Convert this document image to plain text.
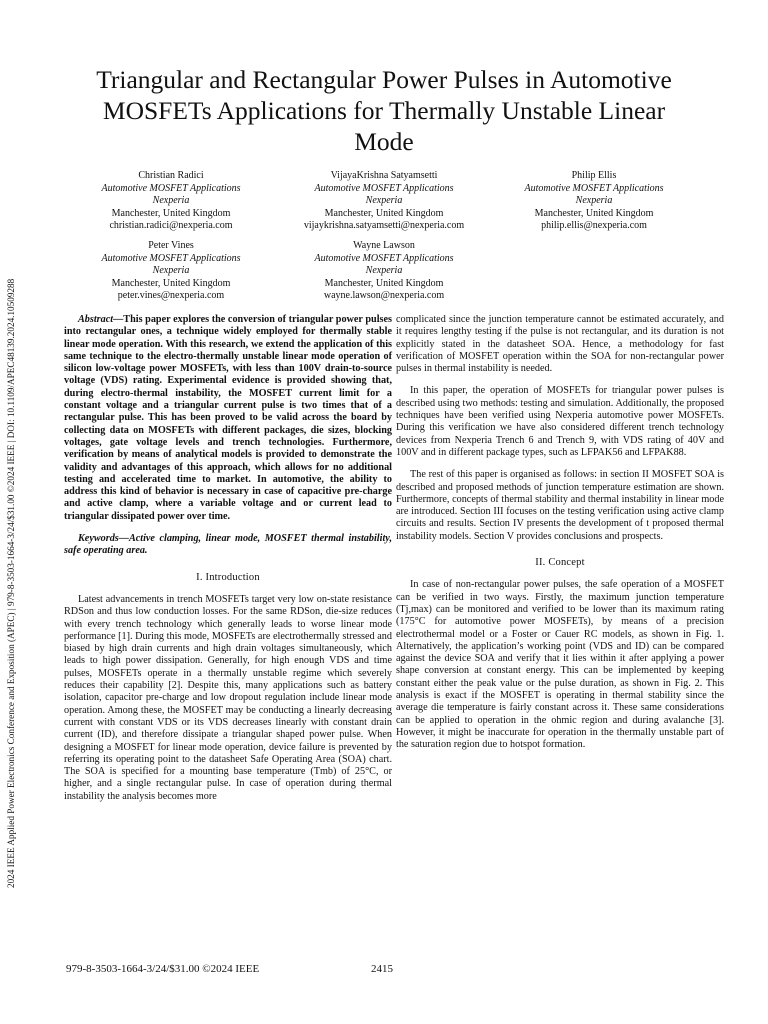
2024 IEEE Applied Power Electronics Conference and Exposition (APEC) | 979-8-3503-1664-3/24/$31.00 ©2024 IEEE | DOI: 10.1109/APEC48139.2024.10509288
Triangular and Rectangular Power Pulses in Automotive MOSFETs Applications for Thermally Unstable Linear Mode
Christian Radici
Automotive MOSFET Applications
Nexperia
Manchester, United Kingdom
christian.radici@nexperia.com
VijayaKrishna Satyamsetti
Automotive MOSFET Applications
Nexperia
Manchester, United Kingdom
vijaykrishna.satyamsetti@nexperia.com
Philip Ellis
Automotive MOSFET Applications
Nexperia
Manchester, United Kingdom
philip.ellis@nexperia.com
Peter Vines
Automotive MOSFET Applications
Nexperia
Manchester, United Kingdom
peter.vines@nexperia.com
Wayne Lawson
Automotive MOSFET Applications
Nexperia
Manchester, United Kingdom
wayne.lawson@nexperia.com

Abstract—This paper explores the conversion of triangular power pulses into rectangular ones, a technique widely employed for thermally stable linear mode operation. With this research, we extend the application of this same technique to the electro-thermally unstable linear mode operation of silicon low-voltage power MOSFETs, with less than 100V drain-to-source voltage (VDS) rating. Experimental evidence is provided showing that, during electro-thermal instability, the MOSFET current limit for a constant voltage and a triangular current pulse is two times that of a rectangular pulse. This has been proved to be valid across the board by collecting data on MOSFETs with different packages, die sizes, blocking voltages, gate voltage levels and trench technologies. Furthermore, verification by means of analytical models is provided to demonstrate the validity and advantages of this approach, which allows for no additional testing and accelerated time to market. In automotive, the ability to address this kind of behavior is necessary in case of capacitive pre-charge and active clamp, where a variable voltage and or current lead to triangular dissipated power over time.

Keywords—Active clamping, linear mode, MOSFET thermal instability, safe operating area.

I. Introduction

Latest advancements in trench MOSFETs target very low on-state resistance RDSon and thus low conduction losses. For the same RDSon, die-size reduces with every trench technology which generally leads to worse linear mode performance [1]. During this mode, MOSFETs are electrothermally stressed and biased by high drain currents and high drain voltages simultaneously, which leads to high power dissipation. Generally, for high enough VDS and time pulses, MOSFETs operate in a thermally unstable regime which severely reduces their capability [2]. Despite this, many applications such as battery isolation, capacitor pre-charge and low dropout regulation include linear mode operation. Among these, the MOSFET may be conducting a linearly decreasing current with constant VDS or its VDS decreases linearly with constant drain current (ID), and therefore dissipate a triangular shaped power pulse. When designing a MOSFET for linear mode operation, device failure is prevented by referring its operating point to the datasheet Safe Operating Area (SOA) chart. The SOA is specified for a mounting base temperature (Tmb) of 25°C, or higher, and a single rectangular pulse. In case of operation during thermal instability the analysis becomes more

complicated since the junction temperature cannot be estimated accurately, and it requires lengthy testing if the pulse is not rectangular, and its duration is not explicitly stated in the datasheet SOA. Hence, a methodology for fast verification of MOSFET operation within the SOA for non-rectangular power pulses in thermal instability is needed.

In this paper, the operation of MOSFETs for triangular power pulses is described using two methods: testing and simulation. Additionally, the proposed techniques have been verified using Nexperia automotive power MOSFETs. During this verification we have also considered different trench technology devices from Nexperia Trench 6 and Trench 9, with VDS rating of 40V and 100V and in different package types, such as LFPAK56 and LFPAK88.

The rest of this paper is organised as follows: in section II MOSFET SOA is described and proposed methods of junction temperature estimation are shown. Furthermore, concepts of thermal stability and thermal instability in linear mode are introduced. Section III focuses on the testing verification using active clamp circuits and results. Section IV presents the development of t proposed thermal instability models. Section V provides conclusions and prospects.

II. Concept

In case of non-rectangular power pulses, the safe operation of a MOSFET can be verified in two ways. Firstly, the maximum junction temperature (Tj,max) can be monitored and verified to be lower than its maximum rating (175°C for automotive power MOSFETs), by means of a precision electrothermal model or a Foster or Cauer RC models, as shown in Fig. 1. Alternatively, the application’s working point (VDS and ID) can be compared against the device SOA and verify that it lies within it after applying a power shape conversion at constant energy. This can be implemented by keeping constant either the peak value or the pulse duration, as shown in Fig. 2. This analysis is exact if the MOSFET is operating in thermal stability since the average die temperature is fairly constant across it. These same considerations can be applied to operation in the ohmic region and during avalanche [3]. However, it might be inaccurate for operation in the thermally unstable part of the saturation region due to hotspot formation.

979-8-3503-1664-3/24/$31.00 ©2024 IEEE	2415
